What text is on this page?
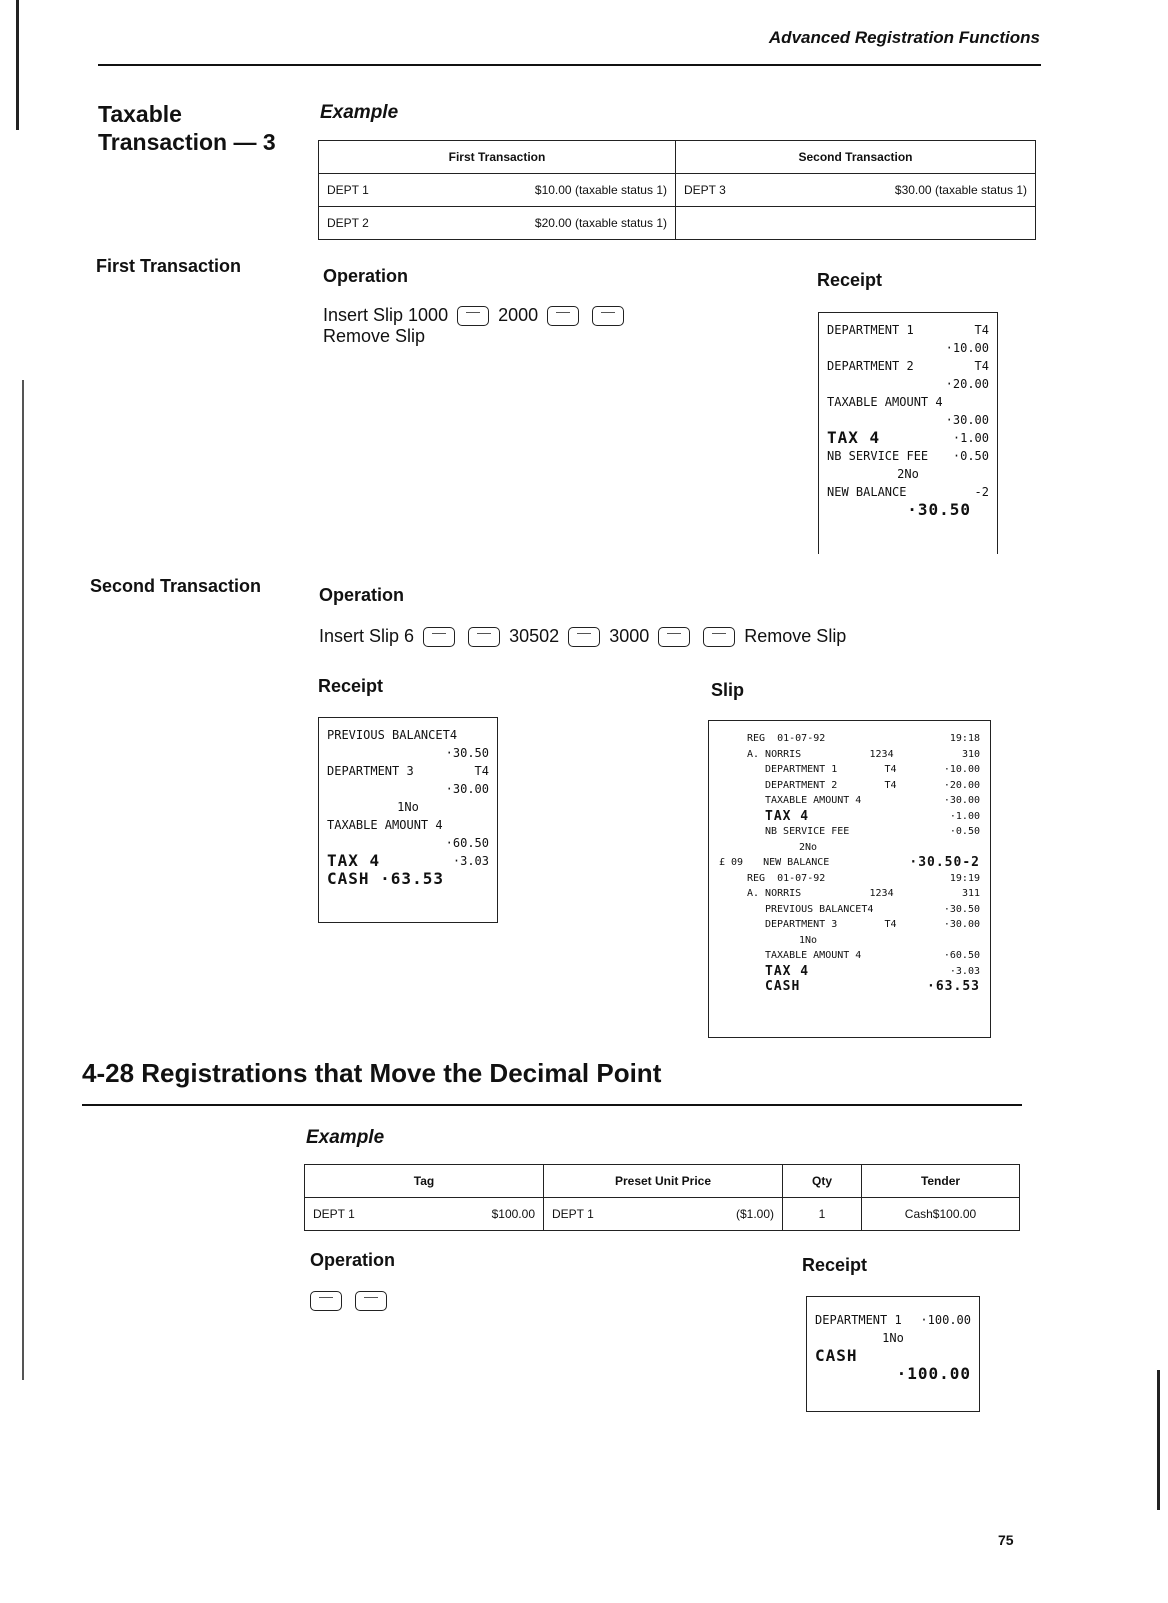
Advanced Registration Functions
Taxable
Transaction — 3
Example
First Transaction	Second Transaction
DEPT 1 $10.00 (taxable status 1)	DEPT 3 $30.00 (taxable status 1)

DEPT 2 $20.00 (taxable status 1)	

First Transaction	Operation	Receipt
Insert Slip 1000	2000
Remove Slip	DEPARTMENT 1	T4
·10.00
DEPARTMENT 2	T4
·20.00
TAXABLE AMOUNT 4
·30.00
TAX 4	·1.00
NB SERVICE FEE ·0.50
2No
NEW BALANCE	-2
·30.50
Second Transaction	Operation
Insert Slip 6	30502	3000	Remove Slip
Receipt	Slip
PREVIOUS BALANCET4
·30.50
DEPARTMENT 3	T4
·30.00
1No
TAXABLE AMOUNT 4
·60.50
TAX 4	·3.03
CASH ·63.53
REG  01-07-92	19:18
A. NORRIS	1234	310
DEPARTMENT 1	T4	·10.00
DEPARTMENT 2	T4	·20.00
TAXABLE AMOUNT 4	·30.00
TAX 4	·1.00
NB SERVICE FEE	·0.50
2No
£ 09	NEW BALANCE	·30.50-2
REG  01-07-92	19:19
A. NORRIS	1234	311
PREVIOUS BALANCET4	·30.50
DEPARTMENT 3	T4	·30.00
1No
TAXABLE AMOUNT 4	·60.50
TAX 4	·3.03
CASH	·63.53
4-28 Registrations that Move the Decimal Point
Example
Tag	Preset Unit Price	Qty	Tender
DEPT 1 $100.00	DEPT 1 ($1.00)	1	Cash$100.00
Operation	Receipt

DEPARTMENT 1 ·100.00
1No
CASH
·100.00
75
